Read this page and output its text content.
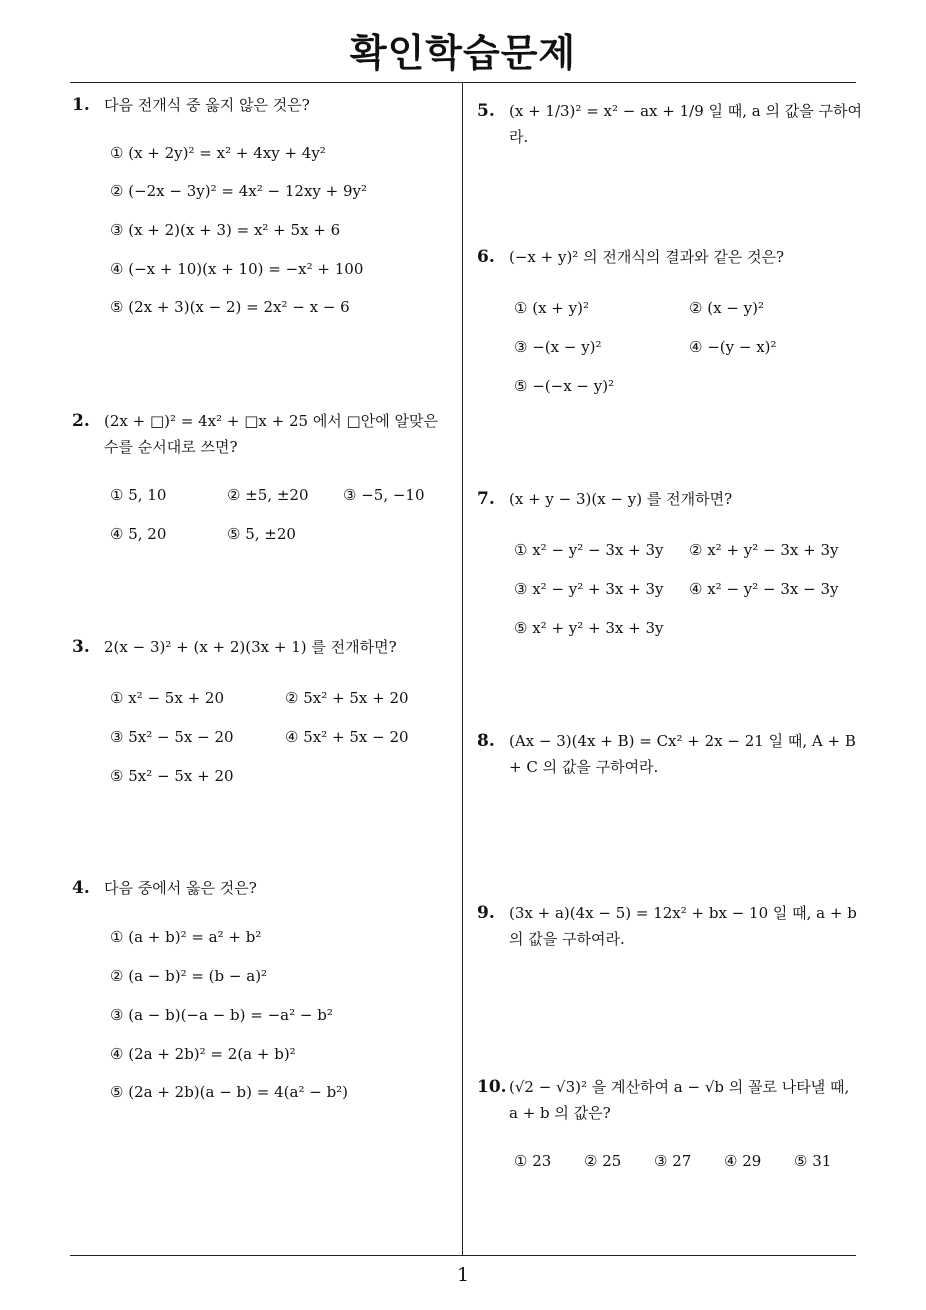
확인학습문제
1
1. 다음 전개식 중 옳지 않은 것은?
① (x + 2y)² = x² + 4xy + 4y²
② (−2x − 3y)² = 4x² − 12xy + 9y²
③ (x + 2)(x + 3) = x² + 5x + 6
④ (−x + 10)(x + 10) = −x² + 100
⑤ (2x + 3)(x − 2) = 2x² − x − 6
2. (2x + □)² = 4x² + □x + 25 에서 □안에 알맞은 수를 순서대로 쓰면?
① 5, 10	② ±5, ±20 ③ −5, −10
④ 5, 20	⑤ 5, ±20
3. 2(x − 3)² + (x + 2)(3x + 1) 를 전개하면?
① x² − 5x + 20	② 5x² + 5x + 20
③ 5x² − 5x − 20	④ 5x² + 5x − 20
⑤ 5x² − 5x + 20
4. 다음 중에서 옳은 것은?
① (a + b)² = a² + b²
② (a − b)² = (b − a)²
③ (a − b)(−a − b) = −a² − b²
④ (2a + 2b)² = 2(a + b)²
⑤ (2a + 2b)(a − b) = 4(a² − b²)
5. (x + 1/3)² = x² − ax + 1/9 일 때, a 의 값을 구하여라.
6. (−x + y)² 의 전개식의 결과와 같은 것은?
① (x + y)²	② (x − y)²
③ −(x − y)²	④ −(y − x)²
⑤ −(−x − y)²
7. (x + y − 3)(x − y) 를 전개하면?
① x² − y² − 3x + 3y ② x² + y² − 3x + 3y
③ x² − y² + 3x + 3y ④ x² − y² − 3x − 3y
⑤ x² + y² + 3x + 3y
8. (Ax − 3)(4x + B) = Cx² + 2x − 21 일 때, A + B + C 의 값을 구하여라.
9. (3x + a)(4x − 5) = 12x² + bx − 10 일 때, a + b 의 값을 구하여라.
10. (√2 − √3)² 을 계산하여 a − √b 의 꼴로 나타낼 때, a + b 의 값은?
① 23 ② 25 ③ 27 ④ 29 ⑤ 31
